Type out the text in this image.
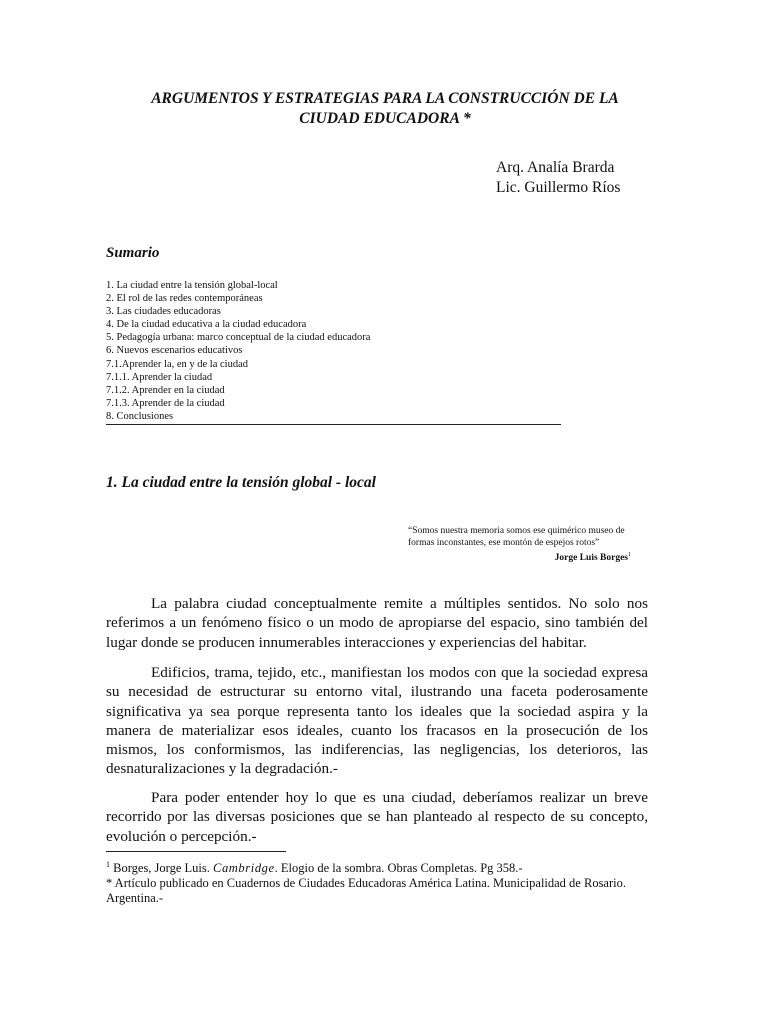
ARGUMENTOS Y ESTRATEGIAS PARA LA CONSTRUCCIÓN DE LA
CIUDAD EDUCADORA *
Arq. Analía Brarda
Lic. Guillermo Ríos
Sumario
1. La ciudad entre la tensión global-local
2. El rol de las redes contemporáneas
3. Las ciudades educadoras
4. De la ciudad educativa a la ciudad educadora
5. Pedagogía urbana: marco conceptual de la ciudad educadora
6. Nuevos escenarios educativos
7.1.Aprender la, en y de la ciudad
7.1.1. Aprender la ciudad
7.1.2. Aprender en la ciudad
7.1.3. Aprender de la ciudad
8. Conclusiones
1. La ciudad entre la tensión global - local
“Somos nuestra memoria somos ese quimérico museo de
formas inconstantes, ese montón de espejos rotos”
Jorge Luis Borges$^1$

La palabra ciudad conceptualmente remite a múltiples sentidos. No solo nos referimos a un fenómeno físico o un modo de apropiarse del espacio, sino también del lugar donde se producen innumerables interacciones y experiencias del habitar.

Edificios, trama, tejido, etc., manifiestan los modos con que la sociedad expresa su necesidad de estructurar su entorno vital, ilustrando una faceta poderosamente significativa ya sea porque representa tanto los ideales que la sociedad aspira y la manera de materializar esos ideales, cuanto los fracasos en la prosecución de los mismos, los conformismos, las indiferencias, las negligencias, los deterioros, las desnaturalizaciones y la degradación.-

Para poder entender hoy lo que es una ciudad, deberíamos realizar un breve recorrido por las diversas posiciones que se han planteado al respecto de su concepto, evolución o percepción.-

$^1$ Borges, Jorge Luis. Cambridge. Elogio de la sombra. Obras Completas. Pg 358.-

* Artículo publicado en Cuadernos de Ciudades Educadoras América Latina. Municipalidad de Rosario. Argentina.-
